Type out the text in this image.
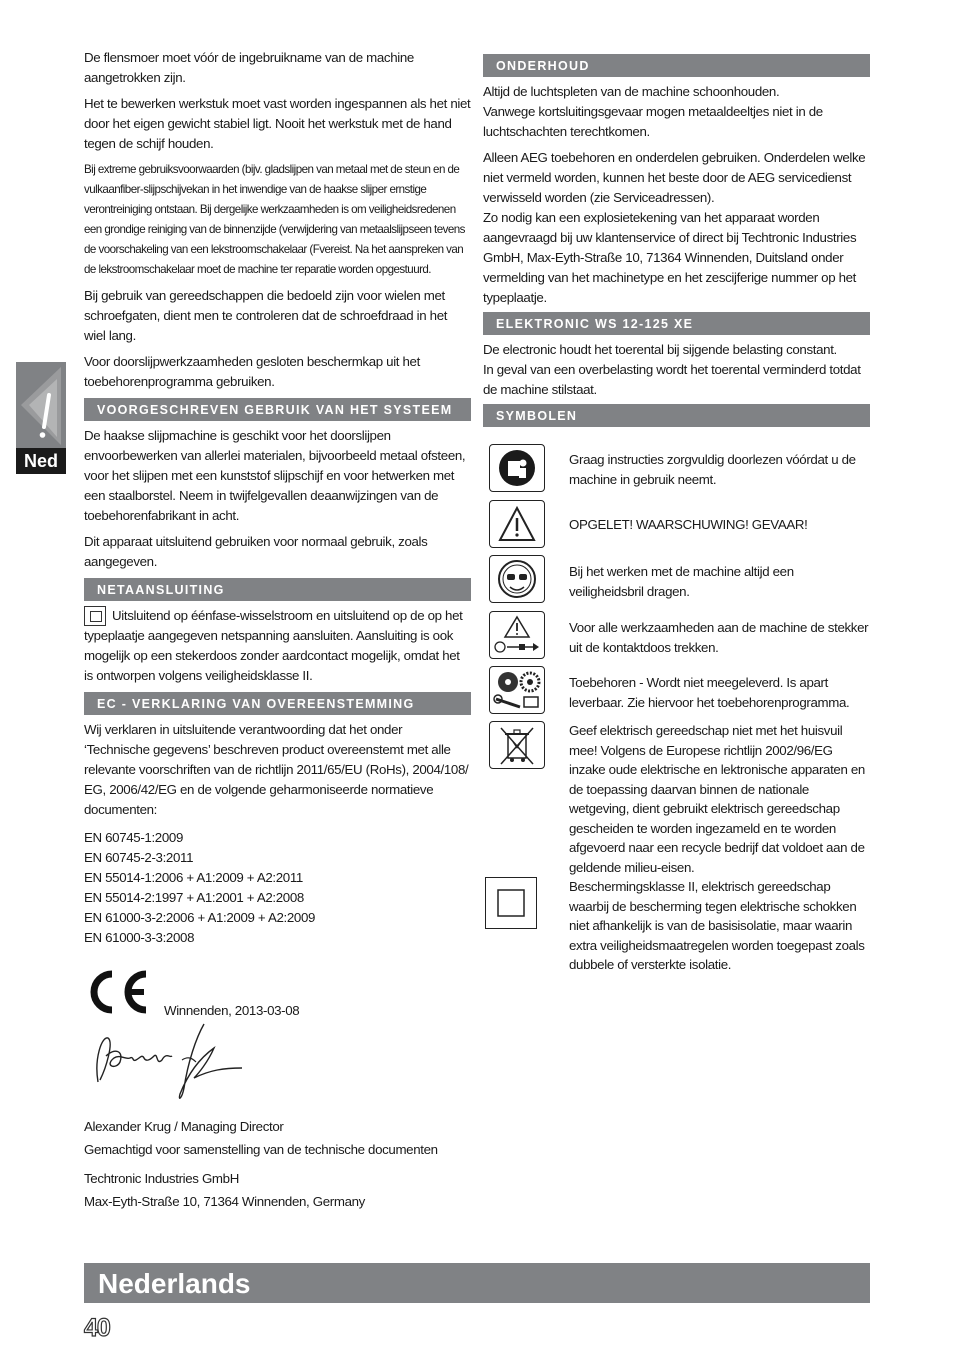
Ned

De flensmoer moet vóór de ingebruikname van de machine aangetrokken zijn.

Het te bewerken werkstuk moet vast worden ingespannen als het niet door het eigen gewicht stabiel ligt. Nooit het werkstuk met de hand tegen de schijf houden.

Bij extreme gebruiksvoorwaarden (bijv. gladslijpen van metaal met de steun en de vulkaanfiber-slijpschijvekan in het inwendige van de haakse slijper ernstige verontreiniging ontstaan. Bij dergelijke werkzaamheden is om veiligheidsredenen een grondige reiniging van de binnenzijde (verwijdering van metaalslijpseen tevens de voorschakeling van een lekstroomschakelaar (Fvereist. Na het aanspreken van de lekstroomschakelaar moet de machine ter reparatie worden opgestuurd.

Bij gebruik van gereedschappen die bedoeld zijn voor wielen met schroefgaten, dient men te controleren dat de schroefdraad in het wiel lang.

Voor doorslijpwerkzaamheden gesloten beschermkap uit het toebehorenprogramma gebruiken.

VOORGESCHREVEN GEBRUIK VAN HET SYSTEEM

De haakse slijpmachine is geschikt voor het doorslijpen envoorbewerken van allerlei materialen, bijvoorbeeld metaal ofsteen, voor het slijpen met een kunststof slijpschijf en voor hetwerken met een staalborstel. Neem in twijfelgevallen deaanwijzingen van de toebehorenfabrikant in acht.

Dit apparaat uitsluitend gebruiken voor normaal gebruik, zoals aangegeven.

NETAANSLUITING

Uitsluitend op éénfase-wisselstroom en uitsluitend op de op het typeplaatje aangegeven netspanning aansluiten. Aansluiting is ook mogelijk op een stekerdoos zonder aardcontact mogelijk, omdat het is ontworpen volgens veiligheidsklasse II.

EC - VERKLARING VAN OVEREENSTEMMING

Wij verklaren in uitsluitende verantwoording dat het onder ‘Technische gegevens’ beschreven product overeenstemt met alle relevante voorschriften van de richtlijn 2011/65/EU (RoHs), 2004/108/ EG, 2006/42/EG en de volgende geharmoniseerde normatieve documenten:

EN 60745-1:2009

EN 60745-2-3:2011

EN 55014-1:2006 + A1:2009 + A2:2011

EN 55014-2:1997 + A1:2001 + A2:2008

EN 61000-3-2:2006 + A1:2009 + A2:2009

EN 61000-3-3:2008

Winnenden, 2013-03-08

Alexander Krug / Managing Director

Gemachtigd voor samenstelling van de technische documenten

Techtronic Industries GmbH

Max-Eyth-Straße 10, 71364 Winnenden, Germany

ONDERHOUD

Altijd de luchtspleten van de machine schoonhouden.

Vanwege kortsluitingsgevaar mogen metaaldeeltjes niet in de luchtschachten terechtkomen.

Alleen AEG toebehoren en onderdelen gebruiken. Onderdelen welke niet vermeld worden, kunnen het beste door de AEG servicedienst verwisseld worden (zie Serviceadressen).

Zo nodig kan een explosietekening van het apparaat worden aangevraagd bij uw klantenservice of direct bij Techtronic Industries GmbH, Max-Eyth-Straße 10, 71364 Winnenden, Duitsland onder vermelding van het machinetype en het zescijferige nummer op het typeplaatje.

ELEKTRONIC WS 12-125 XE

De electronic houdt het toerental bij sijgende belasting constant.

In geval van een overbelasting wordt het toerental verminderd totdat de machine stilstaat.

SYMBOLEN
Graag instructies zorgvuldig doorlezen vóórdat u de machine in gebruik neemt.
OPGELET! WAARSCHUWING! GEVAAR!
Bij het werken met de machine altijd een veiligheidsbril dragen.
Voor alle werkzaamheden aan de machine de stekker uit de kontaktdoos trekken.
Toebehoren - Wordt niet meegeleverd. Is apart leverbaar. Zie hiervoor het toebehorenprogramma.
Geef elektrisch gereedschap niet met het huisvuil mee! Volgens de Europese richtlijn 2002/96/EG inzake oude elektrische en lektronische apparaten en de toepassing daarvan binnen de nationale wetgeving, dient gebruikt elektrisch gereedschap gescheiden te worden ingezameld en te worden afgevoerd naar een recycle bedrijf dat voldoet aan de geldende milieu-eisen.
Beschermingsklasse II, elektrisch gereedschap waarbij de bescherming tegen elektrische schokken niet afhankelijk is van de basisisolatie, maar waarin extra veiligheidsmaatregelen worden toegepast zoals dubbele of versterkte isolatie.
Nederlands
40
